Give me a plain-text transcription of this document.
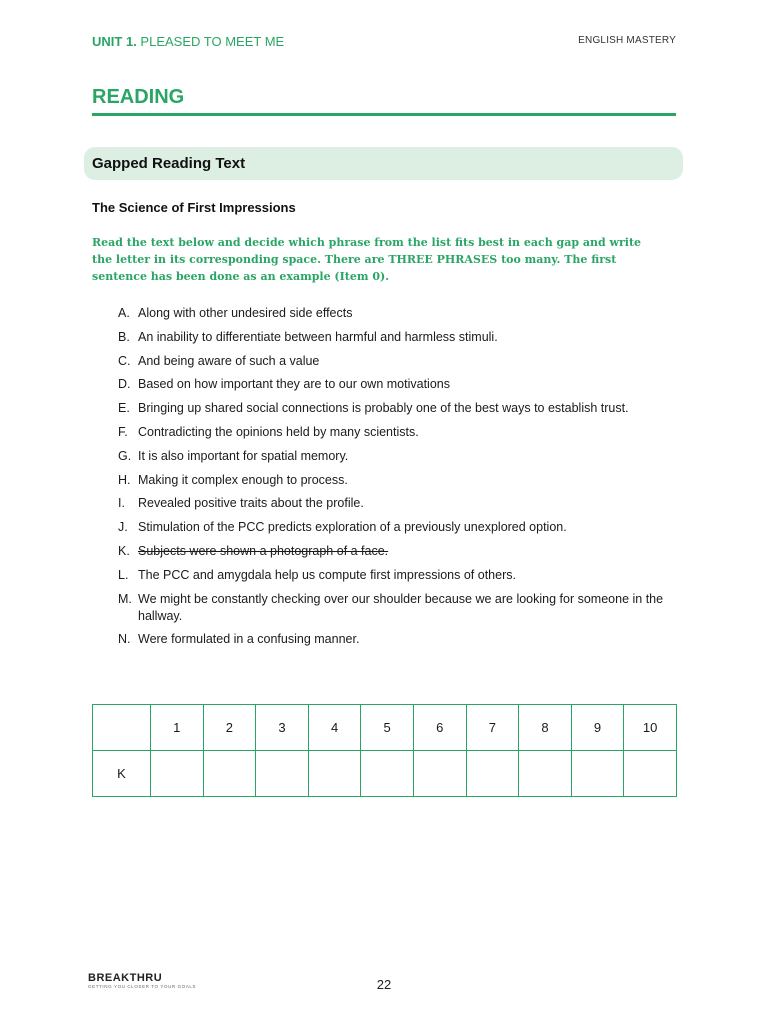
UNIT 1. PLEASED TO MEET ME	ENGLISH MASTERY
READING
Gapped Reading Text
The Science of First Impressions
Read the text below and decide which phrase from the list fits best in each gap and write the letter in its corresponding space. There are THREE PHRASES too many. The first sentence has been done as an example (Item 0).
A. Along with other undesired side effects
B. An inability to differentiate between harmful and harmless stimuli.
C. And being aware of such a value
D. Based on how important they are to our own motivations
E. Bringing up shared social connections is probably one of the best ways to establish trust.
F. Contradicting the opinions held by many scientists.
G. It is also important for spatial memory.
H. Making it complex enough to process.
I. Revealed positive traits about the profile.
J. Stimulation of the PCC predicts exploration of a previously unexplored option.
K. Subjects were shown a photograph of a face.
L. The PCC and amygdala help us compute first impressions of others.
M. We might be constantly checking over our shoulder because we are looking for someone in the hallway.
N. Were formulated in a confusing manner.
	1	2	3	4	5	6	7	8	9	10
K										
BREAKTHRU
GETTING YOU CLOSER TO YOUR GOALS	22
